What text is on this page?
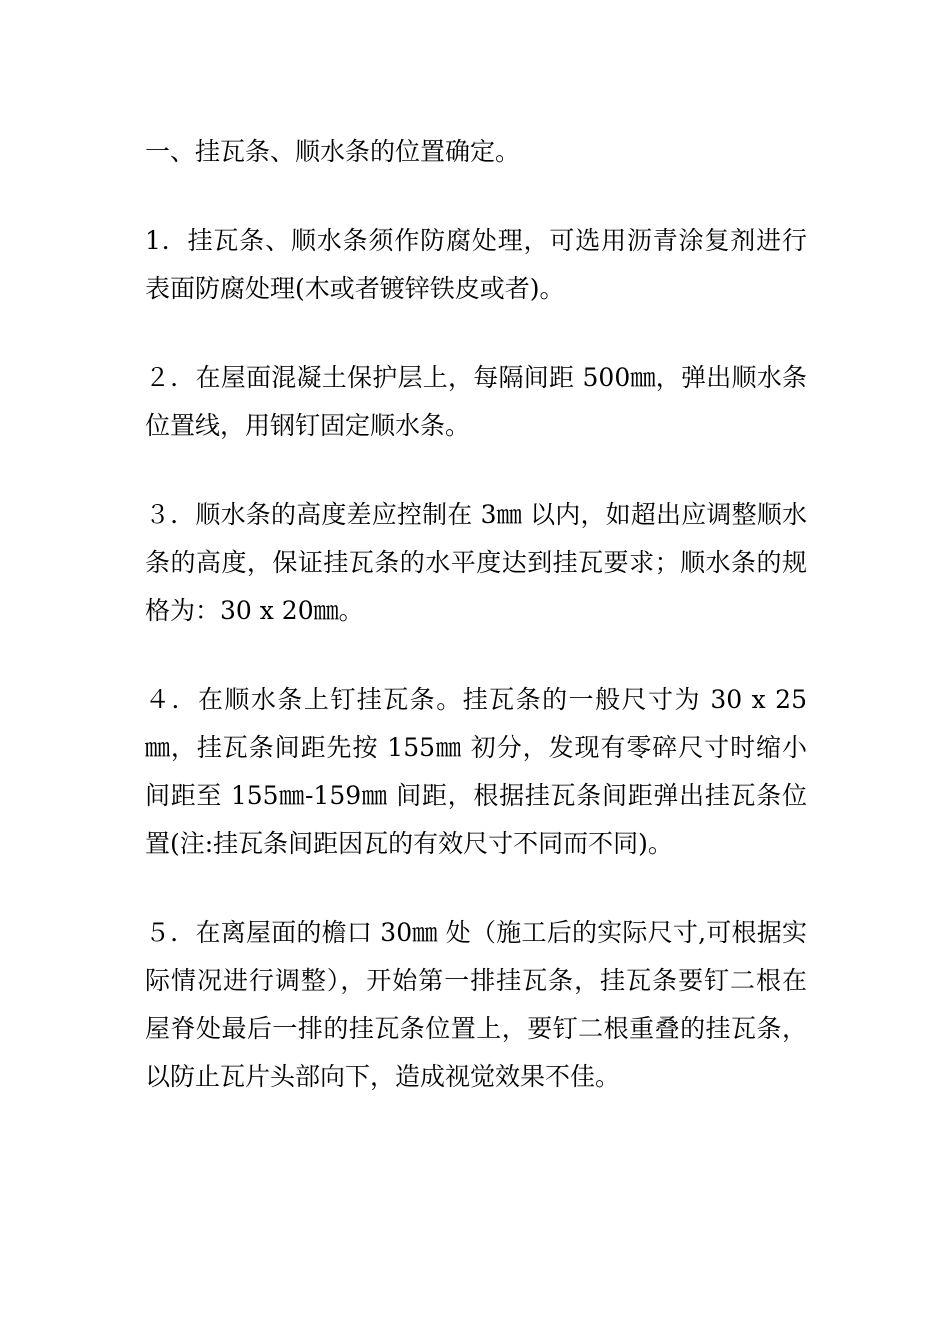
一、挂瓦条、顺水条的位置确定。

1．挂瓦条、顺水条须作防腐处理，可选用沥青涂复剂进行表面防腐处理(木或者镀锌铁皮或者)。

２．在屋面混凝土保护层上，每隔间距 500㎜，弹出顺水条位置线，用钢钉固定顺水条。

３．顺水条的高度差应控制在 3㎜ 以内，如超出应调整顺水条的高度，保证挂瓦条的水平度达到挂瓦要求；顺水条的规格为：30 x 20㎜。

４．在顺水条上钉挂瓦条。挂瓦条的一般尺寸为 30 x 25㎜，挂瓦条间距先按 155㎜ 初分，发现有零碎尺寸时缩小间距至 155㎜-159㎜ 间距，根据挂瓦条间距弹出挂瓦条位置(注:挂瓦条间距因瓦的有效尺寸不同而不同)。

５．在离屋面的檐口 30㎜ 处（施工后的实际尺寸,可根据实际情况进行调整），开始第一排挂瓦条，挂瓦条要钉二根在屋脊处最后一排的挂瓦条位置上，要钉二根重叠的挂瓦条，以防止瓦片头部向下，造成视觉效果不佳。
